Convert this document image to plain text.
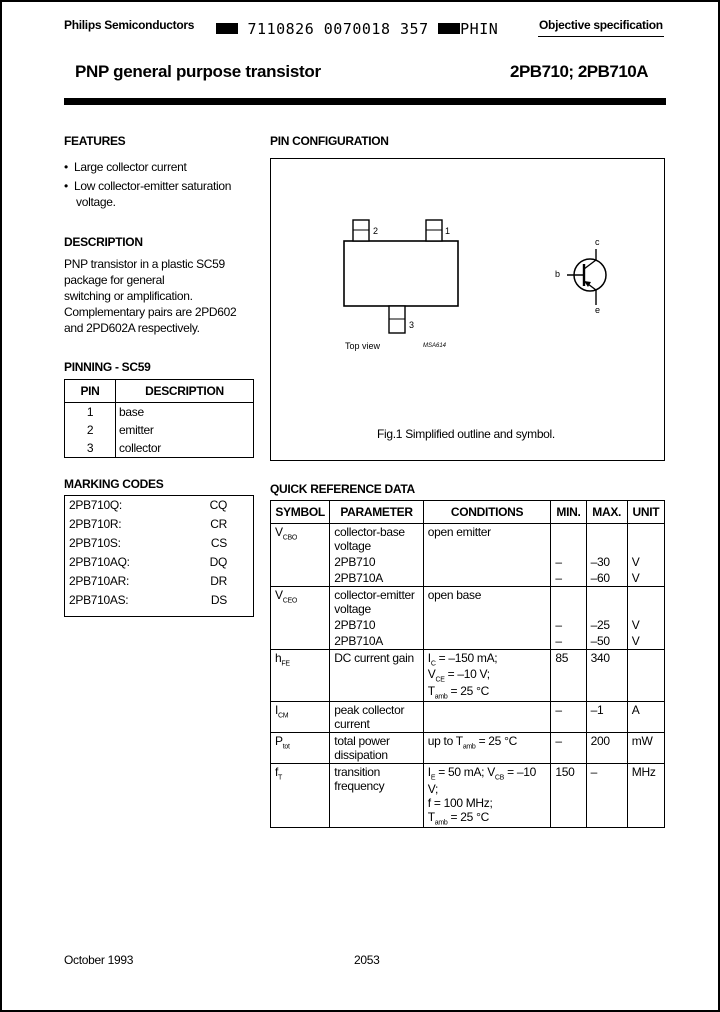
Philips Semiconductors	7110826 0070018 357 PHIN	Objective specification
PNP general purpose transistor	2PB710; 2PB710A
FEATURES
•  Large collector current
•  Low collector-emitter saturation
voltage.
DESCRIPTION
PNP transistor in a plastic SC59
package for general
switching or amplification.
Complementary pairs are 2PD602
and 2PD602A respectively.
PINNING - SC59
PIN	DESCRIPTION
1	base
2	emitter
3	collector
MARKING CODES
2PB710Q:	CQ
2PB710R:	CR
2PB710S:	CS
2PB710AQ:	DQ
2PB710AR:	DR
2PB710AS:	DS
PIN CONFIGURATION
2	1
3
c
b
e
Top view	MSA614
Fig.1 Simplified outline and symbol.
QUICK REFERENCE DATA
SYMBOL	PARAMETER	CONDITIONS	MIN.	MAX.	UNIT
$V_{CBO}$	collector-base
voltage	open emitter			
	2PB710		–	–30	V
	2PB710A		–	–60	V
$V_{CEO}$	collector-emitter
voltage	open base			
	2PB710		–	–25	V
	2PB710A		–	–50	V
$h_{FE}$	DC current gain	$I_C = -150$ mA;
$V_{CE} = -10$ V;
$T_{amb} = 25$ °C	85	340	
$I_{CM}$	peak collector
current		–	–1	A
$P_{tot}$	total power
dissipation	up to $T_{amb} = 25$ °C	–	200	mW
$f_T$	transition
frequency	$I_E = 50$ mA; $V_{CB} = -10$ V;
f = 100 MHz;
$T_{amb} = 25$ °C	150	–	MHz
October 1993	2053
